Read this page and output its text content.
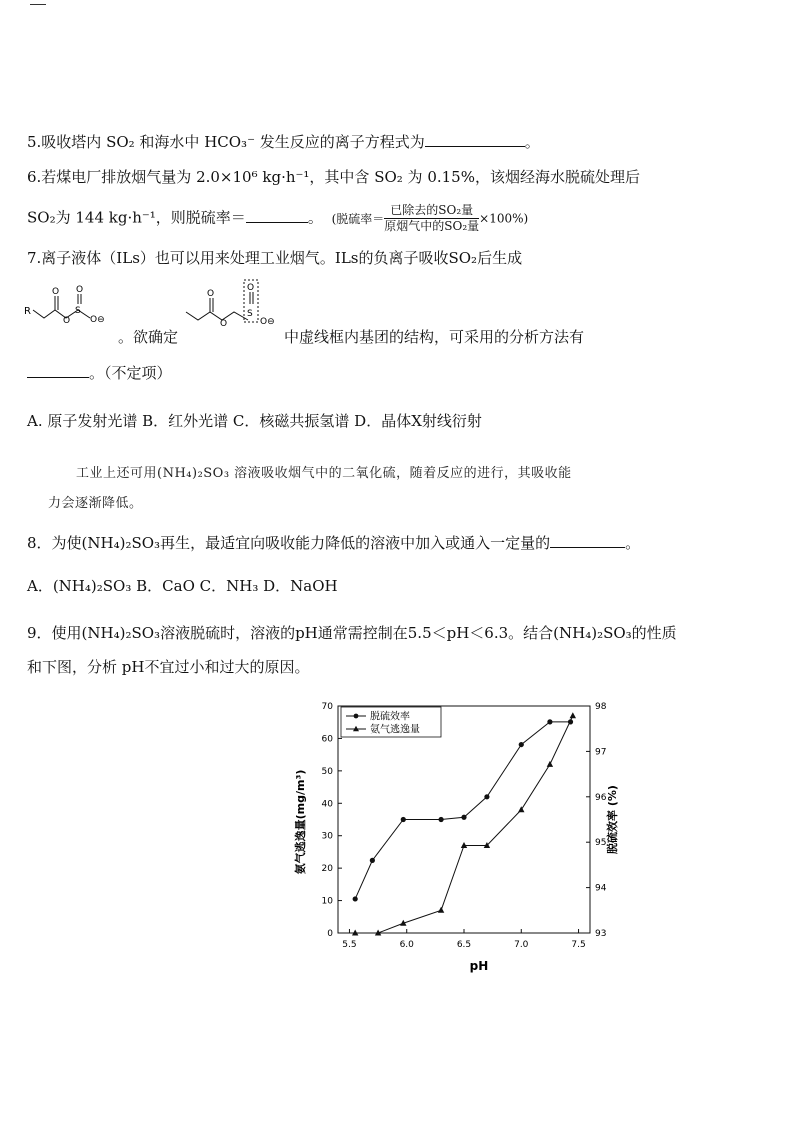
5.吸收塔内 SO₂ 和海水中 HCO₃⁻ 发生反应的离子方程式为	。
6.若煤电厂排放烟气量为 2.0×10⁶ kg·h⁻¹，其中含 SO₂ 为 0.15%，该烟经海水脱硫处理后
SO₂为 144 kg·h⁻¹，则脱硫率＝	。 (脱硫率＝ $\frac{\text{已除去的SO₂量}}{\text{原烟气中的SO₂量}} \times 100\%$)
7.离子液体（ILs）也可以用来处理工业烟气。ILs的负离子吸收SO₂后生成
R
O
O
S
O
O⊖
。欲确定
O
O
O
S
O⊖
中虚线框内基团的结构，可采用的分析方法有
。（不定项）
A. 原子发射光谱 B．红外光谱 C．核磁共振氢谱 D．晶体X射线衍射
工业上还可用(NH₄)₂SO₃ 溶液吸收烟气中的二氧化硫，随着反应的进行，其吸收能
力会逐渐降低。
8．为使(NH₄)₂SO₃再生，最适宜向吸收能力降低的溶液中加入或通入一定量的	。
A．(NH₄)₂SO₃ B．CaO C．NH₃ D．NaOH
9．使用(NH₄)₂SO₃溶液脱硫时，溶液的pH通常需控制在5.5＜pH＜6.3。结合(NH₄)₂SO₃的性质
和下图，分析 pH不宜过小和过大的原因。
5.5	6.0	6.5	7.0	7.5
0
10
20
30
40
50
60
70
93
94
95
96
97
98
脱硫效率
氨气逃逸量
pH
氨气逃逸量(mg/m³)	脱硫效率 (%)
